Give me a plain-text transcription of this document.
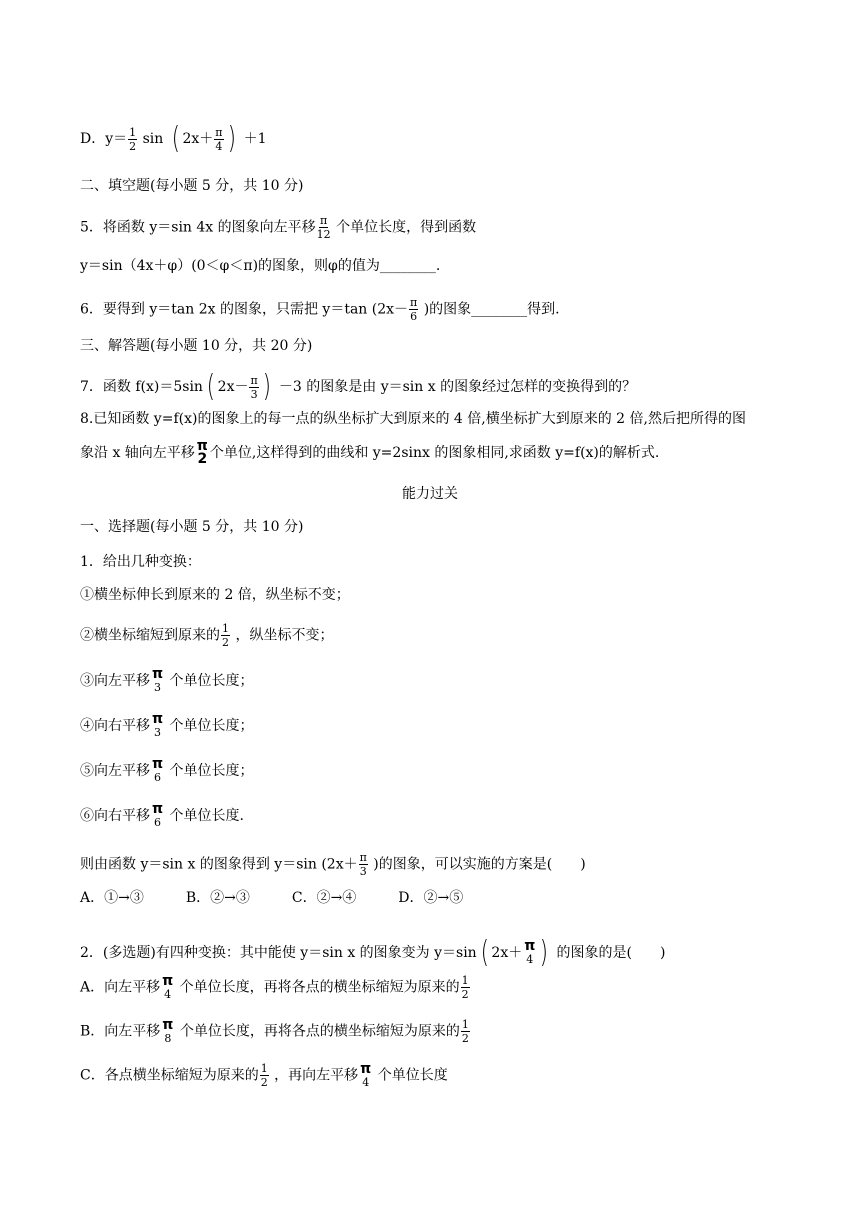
D．$y= \frac{1}{2}$ sin ( $2x+ \frac{\pi}{4}$ ) ＋1
二、填空题(每小题 5 分，共 10 分)
5．将函数 y＝sin 4x 的图象向左平移 $\frac{\pi}{12}$ 个单位长度，得到函数
y＝sin（4x＋φ）(0＜φ＜π)的图象，则φ的值为________.
6．要得到 y＝tan 2x 的图象，只需把 y＝tan ($2x- \frac{\pi}{6}$ )的图象________得到.
三、解答题(每小题 10 分，共 20 分)
7．函数 f(x)＝5sin ( $2x- \frac{\pi}{3}$ ) －3 的图象是由 y＝sin x 的图象经过怎样的变换得到的？
8.已知函数 y=f(x)的图象上的每一点的纵坐标扩大到原来的 4 倍,横坐标扩大到原来的 2 倍,然后把所得的图
象沿 x 轴向左平移 π
2 个单位,这样得到的曲线和 y=2sinx 的图象相同,求函数 y=f(x)的解析式.
能力过关
一、选择题(每小题 5 分，共 10 分)
1．给出几种变换：
①横坐标伸长到原来的 2 倍，纵坐标不变；
②横坐标缩短到原来的 $\frac{1}{2}$ ，纵坐标不变；
③向左平移 π
3 个单位长度；
④向右平移 π
3 个单位长度；
⑤向左平移 π
6 个单位长度；
⑥向右平移 π
6 个单位长度.
则由函数 y＝sin x 的图象得到 y＝sin ($2x+ \frac{\pi}{3}$ )的图象，可以实施的方案是(　　)
A．①→③　　　B．②→③　　　C．②→④　　　D．②→⑤
2．(多选题)有四种变换：其中能使 y＝sin x 的图象变为 y＝sin ( 2x＋ π
4 ) 的图象的是(　　)
A．向左平移 π
4 个单位长度，再将各点的横坐标缩短为原来的 $\frac{1}{2}$
B．向左平移 π
8 个单位长度，再将各点的横坐标缩短为原来的 $\frac{1}{2}$
C．各点横坐标缩短为原来的 $\frac{1}{2}$ ，再向左平移 π
4 个单位长度
